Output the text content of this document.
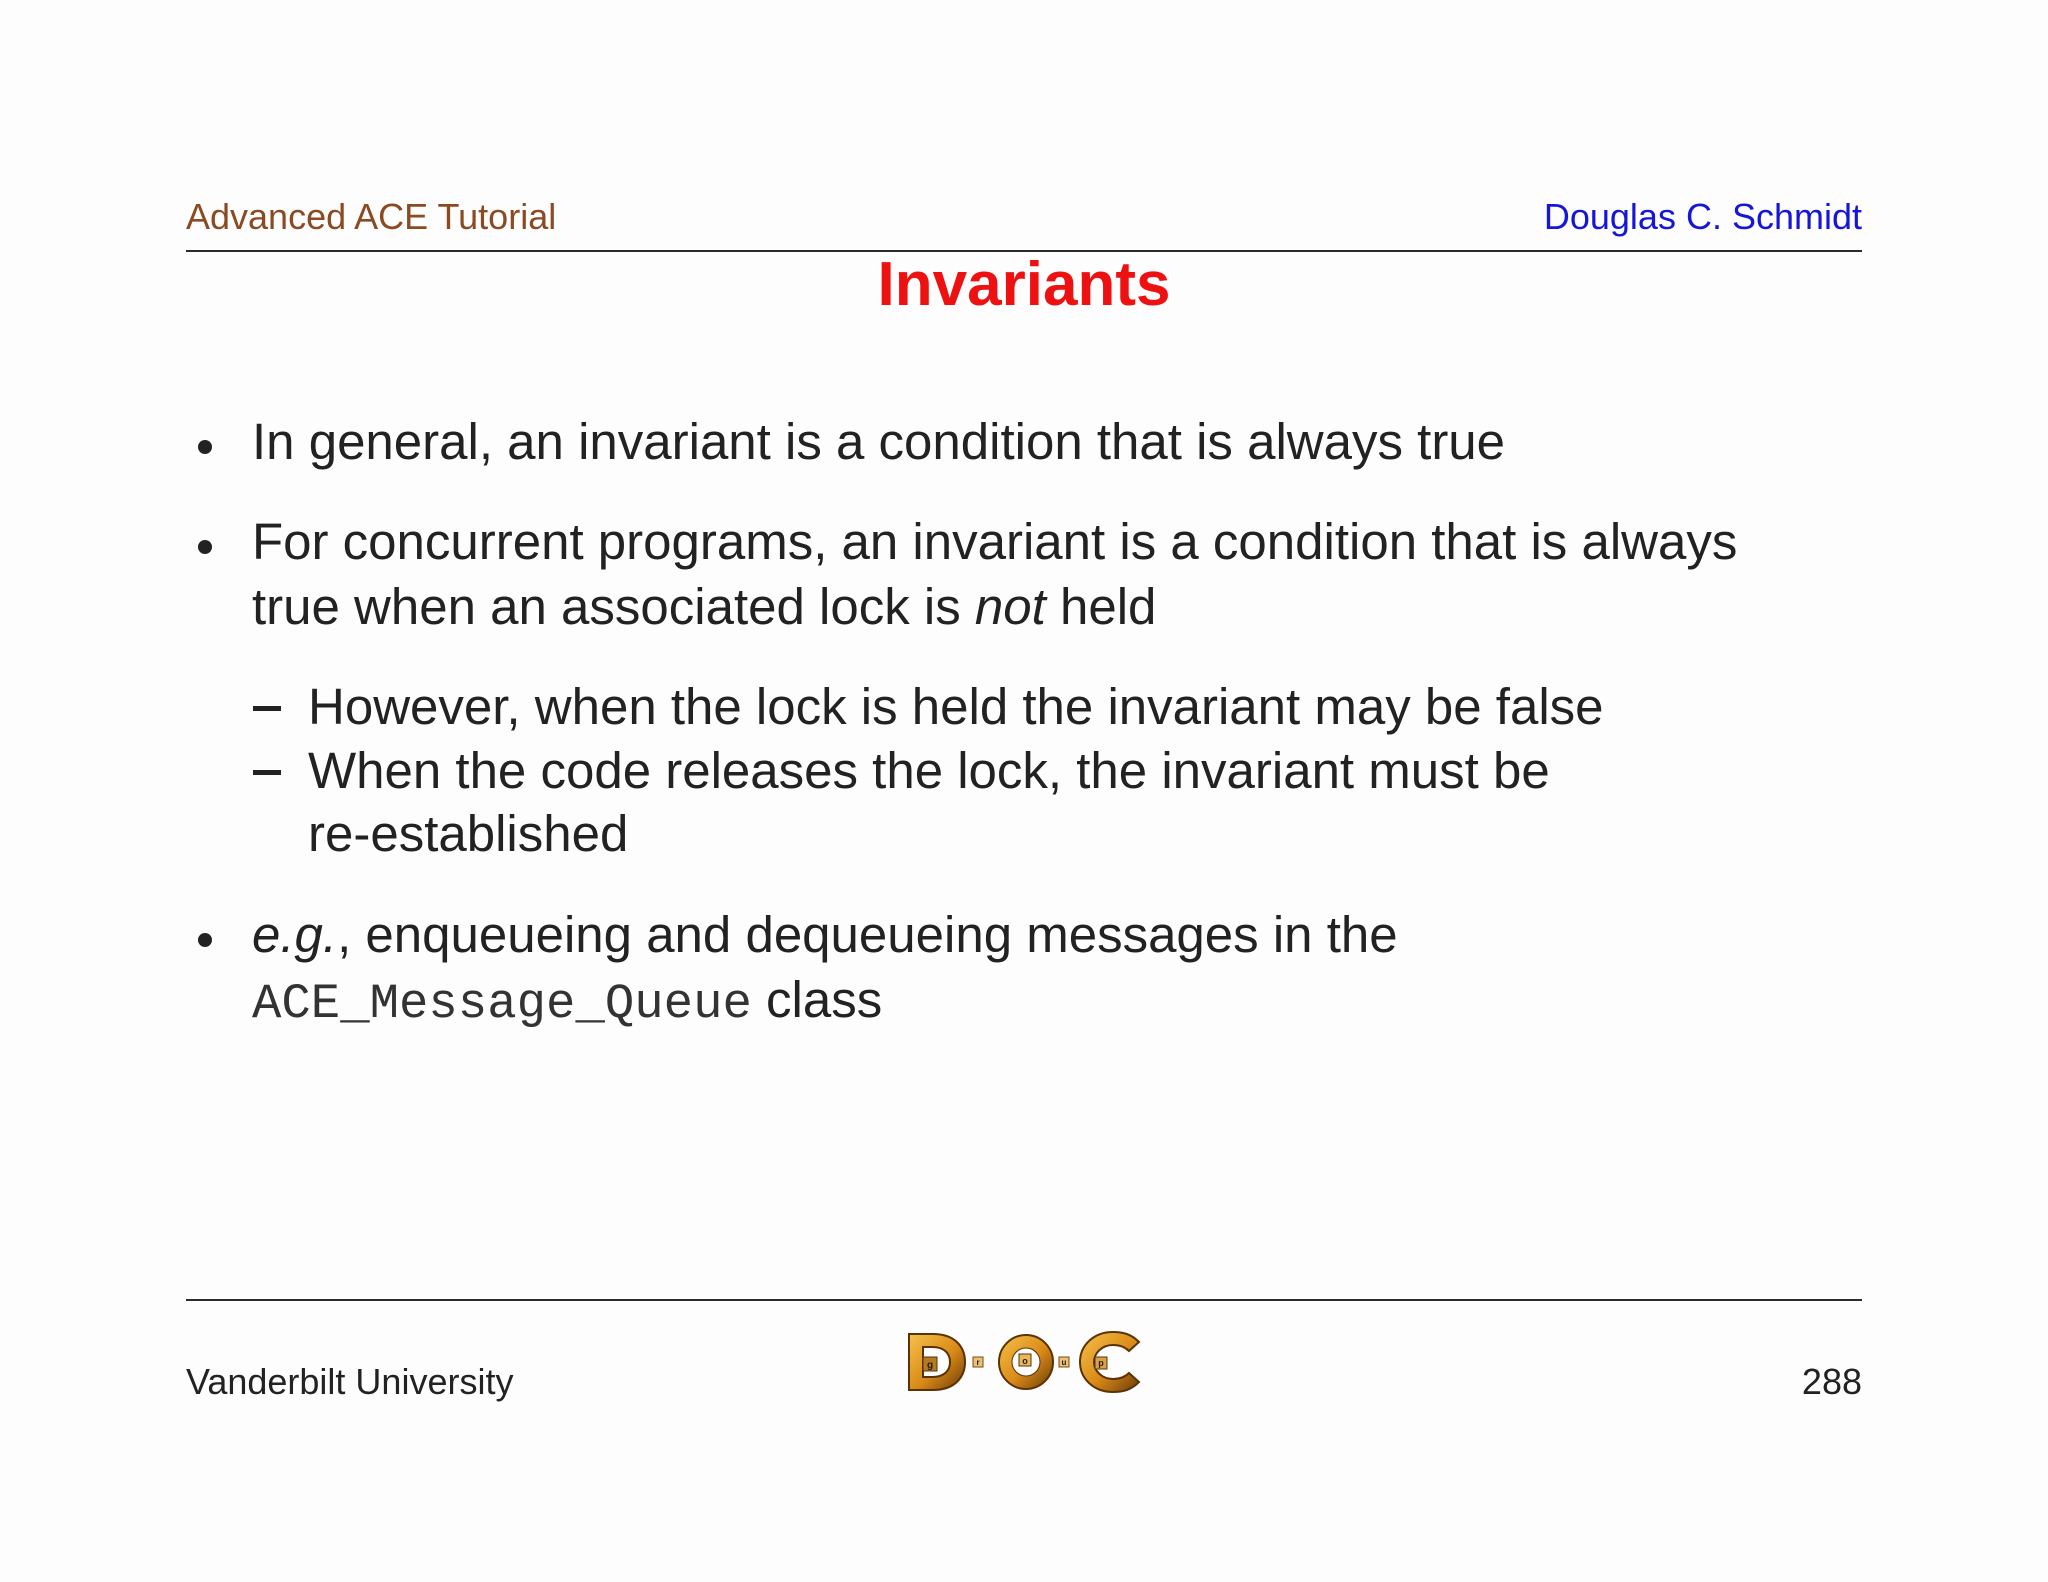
Advanced ACE Tutorial	Douglas C. Schmidt
Invariants
In general, an invariant is a condition that is always true
For concurrent programs, an invariant is a condition that is always
true when an associated lock is not held
However, when the lock is held the invariant may be false
When the code releases the lock, the invariant must be
re-established
e.g., enqueueing and dequeueing messages in the
ACE_Message_Queue class
Vanderbilt University	288
g	r	o	u	p
